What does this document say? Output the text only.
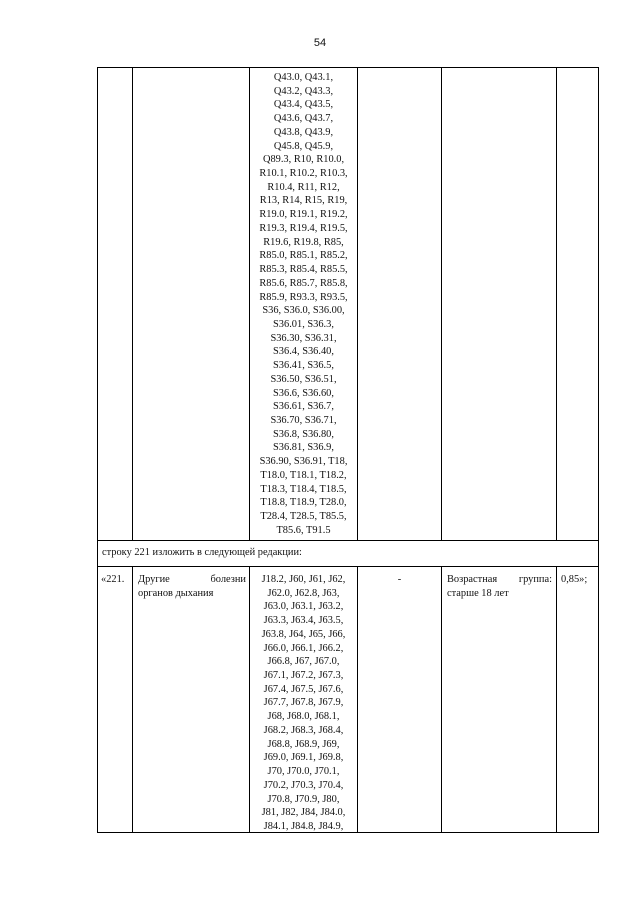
54
Q43.0, Q43.1,
Q43.2, Q43.3,
Q43.4, Q43.5,
Q43.6, Q43.7,
Q43.8, Q43.9,
Q45.8, Q45.9,
Q89.3, R10, R10.0,
R10.1, R10.2, R10.3,
R10.4, R11, R12,
R13, R14, R15, R19,
R19.0, R19.1, R19.2,
R19.3, R19.4, R19.5,
R19.6, R19.8, R85,
R85.0, R85.1, R85.2,
R85.3, R85.4, R85.5,
R85.6, R85.7, R85.8,
R85.9, R93.3, R93.5,
S36, S36.0, S36.00,
S36.01, S36.3,
S36.30, S36.31,
S36.4, S36.40,
S36.41, S36.5,
S36.50, S36.51,
S36.6, S36.60,
S36.61, S36.7,
S36.70, S36.71,
S36.8, S36.80,
S36.81, S36.9,
S36.90, S36.91, T18,
T18.0, T18.1, T18.2,
T18.3, T18.4, T18.5,
T18.8, T18.9, T28.0,
T28.4, T28.5, T85.5,
T85.6, T91.5
строку 221 изложить в следующей редакции:
«221. Другие	болезни
органов дыхания
J18.2, J60, J61, J62,
J62.0, J62.8, J63,
J63.0, J63.1, J63.2,
J63.3, J63.4, J63.5,
J63.8, J64, J65, J66,
J66.0, J66.1, J66.2,
J66.8, J67, J67.0,
J67.1, J67.2, J67.3,
J67.4, J67.5, J67.6,
J67.7, J67.8, J67.9,
J68, J68.0, J68.1,
J68.2, J68.3, J68.4,
J68.8, J68.9, J69,
J69.0, J69.1, J69.8,
J70, J70.0, J70.1,
J70.2, J70.3, J70.4,
J70.8, J70.9, J80,
J81, J82, J84, J84.0,
J84.1, J84.8, J84.9,
-	Возрастная группа:
старше 18 лет
0,85»;
